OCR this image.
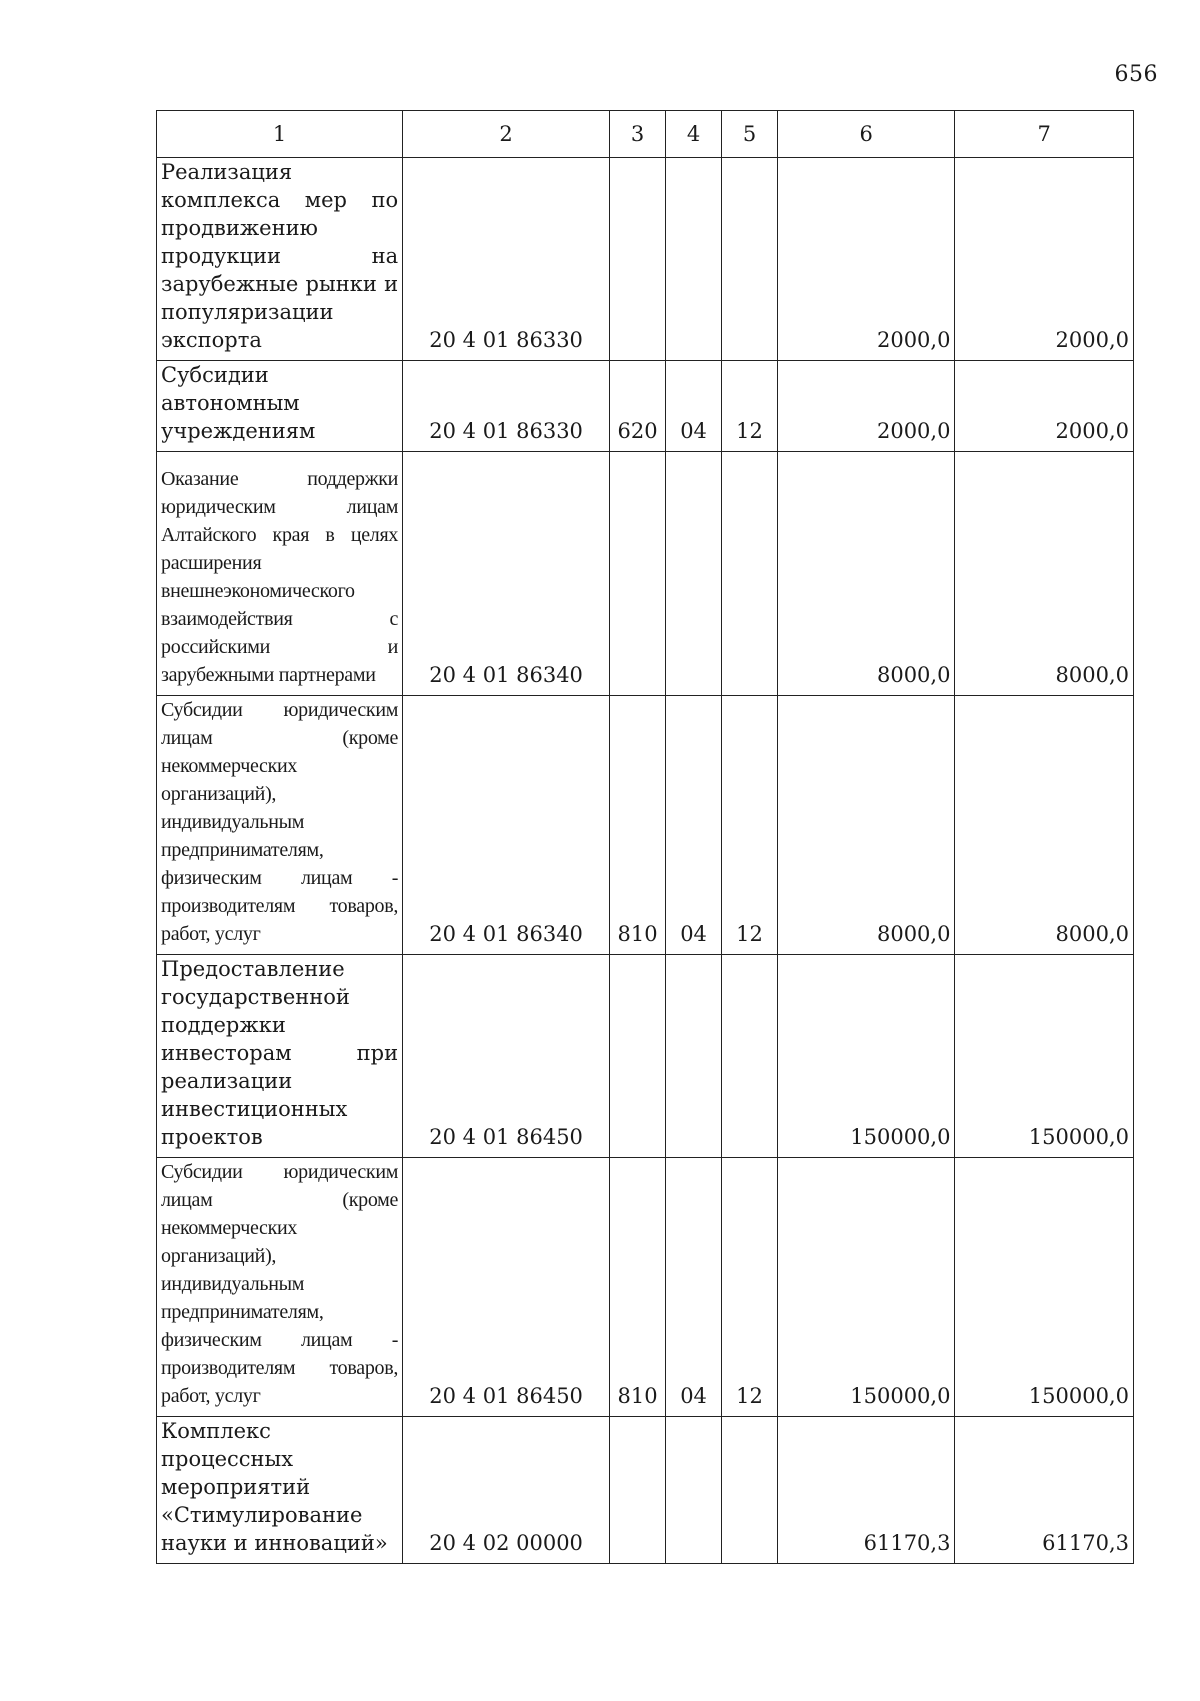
656
1	2	3	4	5	6	7
Реализация комплекса мер по продвижению продукции на зарубежные рынки и популяризации экспорта	20 4 01 86330				2000,0	2000,0
Субсидии автономным учреждениям	20 4 01 86330	620	04	12	2000,0	2000,0
Оказание поддержки юридическим лицам Алтайского края в целях расширения внешнеэкономического взаимодействия с российскими и зарубежными партнерами	20 4 01 86340				8000,0	8000,0
Субсидии юридическим лицам (кроме некоммерческих организаций), индивидуальным предпринимателям, физическим лицам - производителям товаров, работ, услуг	20 4 01 86340	810	04	12	8000,0	8000,0
Предоставление государственной поддержки инвесторам при реализации инвестиционных проектов	20 4 01 86450				150000,0	150000,0
Субсидии юридическим лицам (кроме некоммерческих организаций), индивидуальным предпринимателям, физическим лицам - производителям товаров, работ, услуг	20 4 01 86450	810	04	12	150000,0	150000,0
Комплекс процессных мероприятий «Стимулирование науки и инноваций»	20 4 02 00000				61170,3	61170,3
